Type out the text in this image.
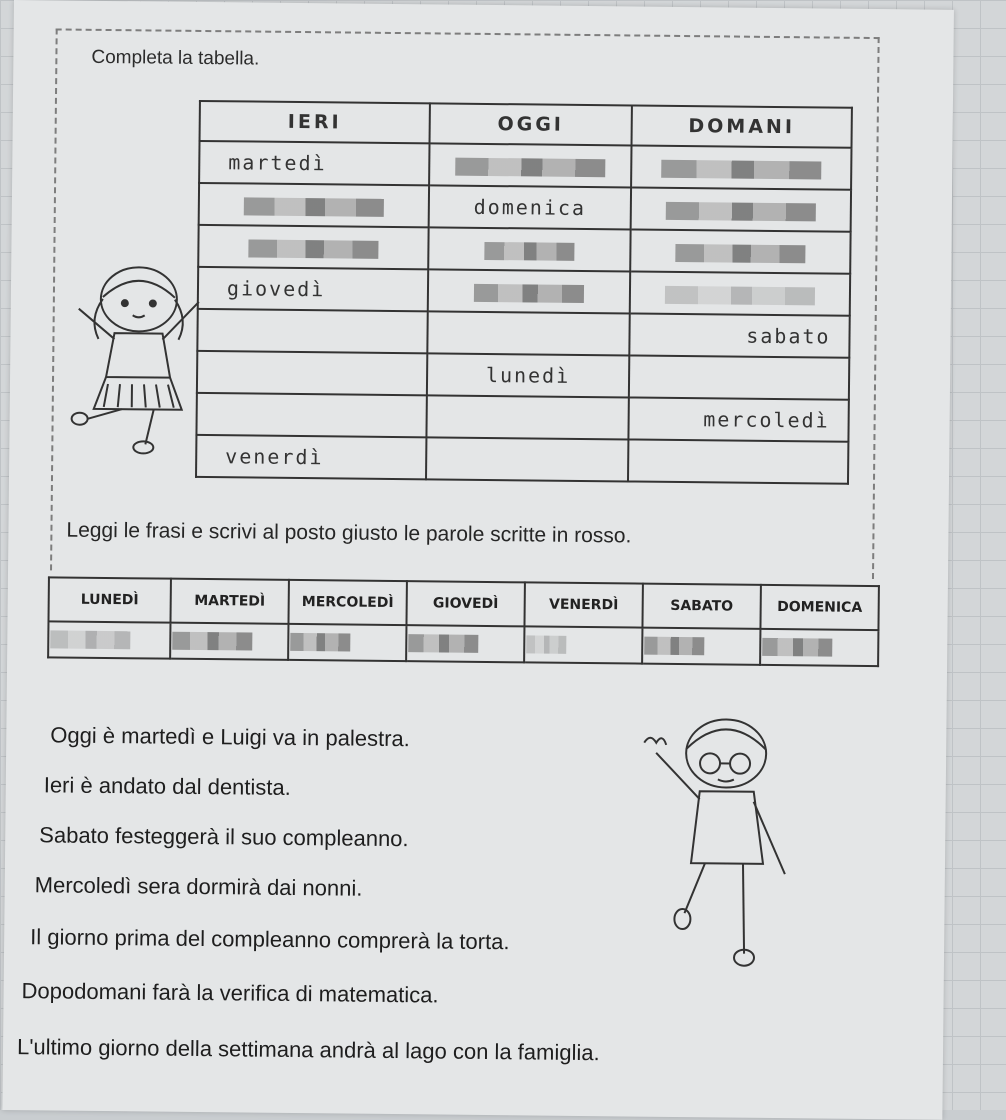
Completa la tabella.
IERI	OGGI	DOMANI
martedì		
	domenica	

giovedì		
		sabato
	lunedì	
		mercoledì
venerdì		
Leggi le frasi e scrivi al posto giusto le parole scritte in rosso.
LUNEDÌ	MARTEDÌ	MERCOLEDÌ	GIOVEDÌ	VENERDÌ	SABATO	DOMENICA

Oggi è martedì e Luigi va in palestra.
Ieri è andato dal dentista.
Sabato festeggerà il suo compleanno.
Mercoledì sera dormirà dai nonni.
Il giorno prima del compleanno comprerà la torta.
Dopodomani farà la verifica di matematica.
L'ultimo giorno della settimana andrà al lago con la famiglia.
